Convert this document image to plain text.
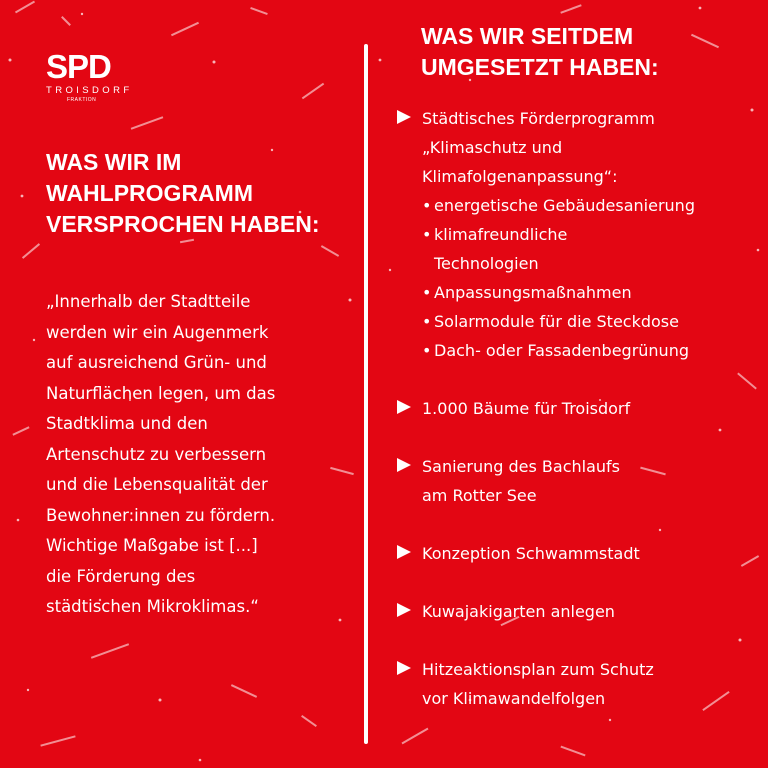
SPD
TROISDORF
FRAKTION
WAS WIR IM
WAHLPROGRAMM
VERSPROCHEN HABEN:
„Innerhalb der Stadtteile
werden wir ein Augenmerk
auf ausreichend Grün- und
Naturflächen legen, um das
Stadtklima und den
Artenschutz zu verbessern
und die Lebensqualität der
Bewohner:innen zu fördern.
Wichtige Maßgabe ist [...]
die Förderung des
städtischen Mikroklimas.“
WAS WIR SEITDEM
UMGESETZT HABEN:
Städtisches Förderprogramm
„Klimaschutz und
Klimafolgenanpassung“:
• energetische Gebäudesanierung
• klimafreundliche
Technologien
• Anpassungsmaßnahmen
• Solarmodule für die Steckdose
• Dach- oder Fassadenbegrünung
1.000 Bäume für Troisdorf
Sanierung des Bachlaufs
am Rotter See
Konzeption Schwammstadt
Kuwajakigarten anlegen
Hitzeaktionsplan zum Schutz
vor Klimawandelfolgen
